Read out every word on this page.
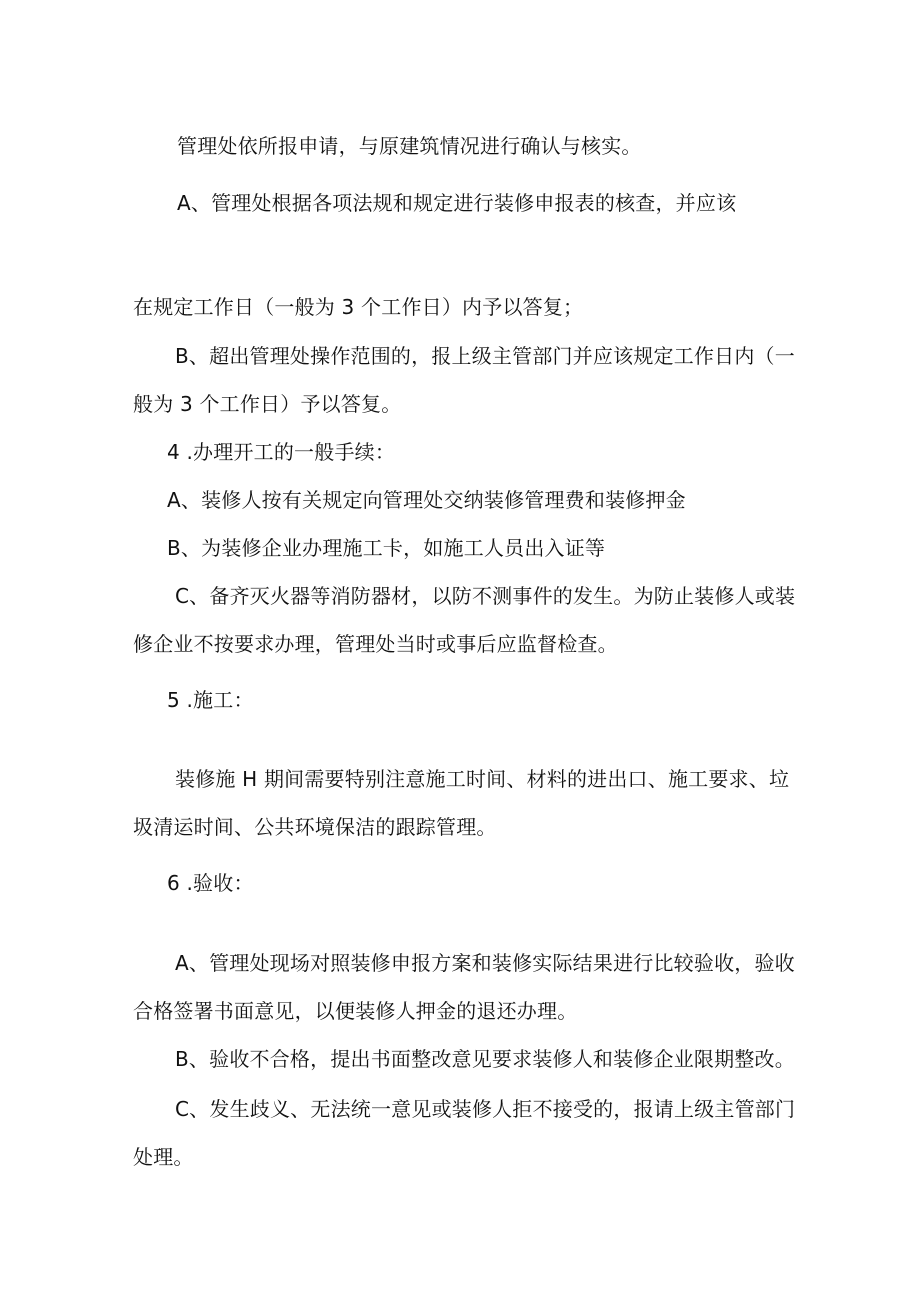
管理处依所报申请，与原建筑情况进行确认与核实。
A、管理处根据各项法规和规定进行装修申报表的核查，并应该
在规定工作日（一般为 3 个工作日）内予以答复；
B、超出管理处操作范围的，报上级主管部门并应该规定工作日内（一
般为 3 个工作日）予以答复。
4 .办理开工的一般手续：
A、装修人按有关规定向管理处交纳装修管理费和装修押金
B、为装修企业办理施工卡，如施工人员出入证等
C、备齐灭火器等消防器材，以防不测事件的发生。为防止装修人或装
修企业不按要求办理，管理处当时或事后应监督检查。
5 .施工：
装修施 H 期间需要特别注意施工时间、材料的进出口、施工要求、垃
圾清运时间、公共环境保洁的跟踪管理。
6 .验收：
A、管理处现场对照装修申报方案和装修实际结果进行比较验收，验收
合格签署书面意见，以便装修人押金的退还办理。
B、验收不合格，提出书面整改意见要求装修人和装修企业限期整改。
C、发生歧义、无法统一意见或装修人拒不接受的，报请上级主管部门
处理。
